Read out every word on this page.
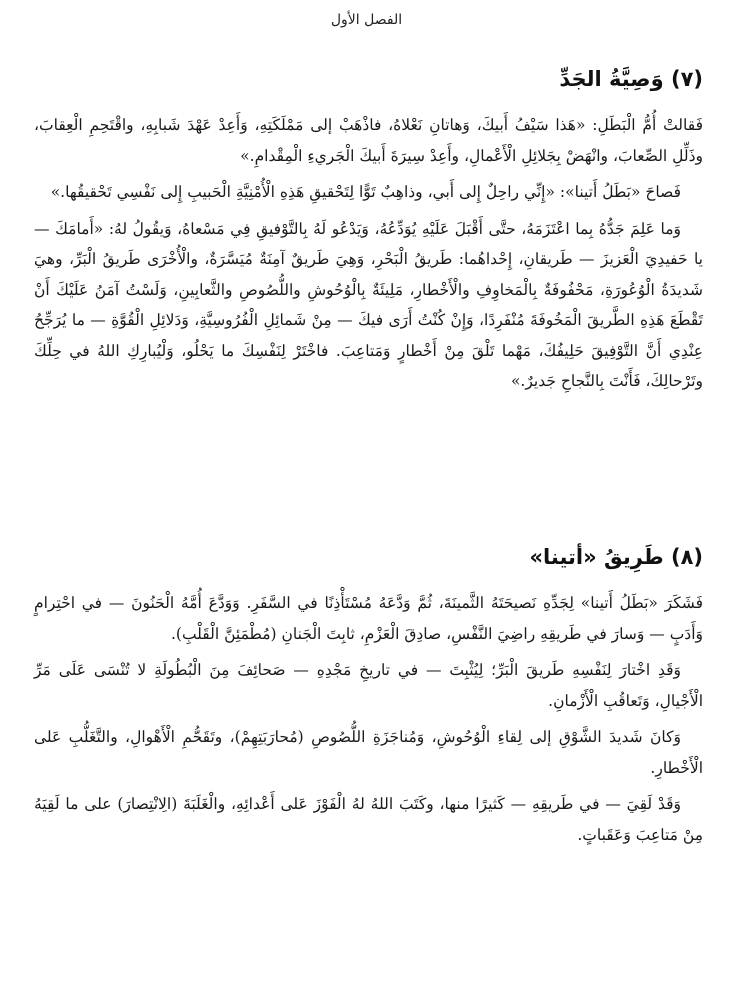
الفصل الأول
(٧) وَصِيَّةُ الجَدِّ

فَقالتْ أُمُّ الْبَطَلِ: «هَذا سَيْفُ أَبيكَ، وَهاتانِ نَعْلاهُ، فاذْهَبْ إلى مَمْلَكَتِهِ، وَأَعِدْ عَهْدَ شَبابِهِ، واقْتَحِمِ الْعِقابَ، وذَلِّلِ الصِّعابَ، وانْهَضْ بِجَلائِلِ الْأَعْمالِ، وأَعِدْ سِيرَةَ أَبيكَ الْجَريءِ الْمِقْدامِ.»

فَصاحَ «بَطَلُ أَتينا»: «إِنِّي راحِلٌ إِلى أَبي، وذاهِبٌ تَوًّا لِتَحْقيقِ هَذِهِ الْأُمْنِيَّةِ الْحَبيبِ إِلى نَفْسِي تَحْقيقُها.»

وَما عَلِمَ جَدُّهُ بِما اعْتَزَمَهُ، حتَّى أَقْبَلَ عَلَيْهِ يُوَدِّعُهُ، وَيَدْعُو لَهُ بِالتَّوْفيقِ فِي مَسْعاهُ، وَيقُولُ لهُ: «أَمامَكَ — يا حَفيدِيَ الْعَزيزَ — طَريقانِ، إِحْداهُما: طَريقُ الْبَحْرِ، وَهِيَ طَريقٌ آمِنَةٌ مُيَسَّرَةٌ، والْأُخْرَى طَريقُ الْبَرِّ، وهيَ شَديدَةُ الْوُعُورَةِ، مَحْفُوفَةٌ بِالْمَخاوِفِ والْأَخْطارِ، مَلِيئَةٌ بِالْوُحُوشِ واللُّصُوصِ والثَّعابِينِ، وَلَسْتُ آمَنُ عَلَيْكَ أَنْ تَقْطَعَ هَذِهِ الطَّريقَ الْمَخُوفَةَ مُنْفَرِدًا، وَإِنْ كُنْتُ أَرَى فيكَ — مِنْ شَمائِلِ الْفُرُوسِيَّةِ، وَدَلائِلِ الْقُوَّةِ — ما يُرَجِّحُ عِنْدِي أَنَّ التَّوْفِيقَ حَلِيفُكَ، مَهْما تَلْقَ مِنْ أَخْطارٍ وَمَتاعِبَ. فاخْتَرْ لِنَفْسِكَ ما يَحْلُو، وَلْيُبارِكِ اللهُ في حِلِّكَ وتَرْحالِكَ، فَأَنْتَ بِالنَّجاحِ جَديرٌ.»

(٨) طَرِيقُ «أتينا»

فَشَكَرَ «بَطَلُ أَتينا» لِجَدِّهِ نَصيحَتَهُ الثَّمينَةَ، ثُمَّ وَدَّعَهُ مُسْتَأْذِنًا في السَّفَرِ. وَوَدَّعَ أُمَّهُ الْحَنُونَ — في احْتِرامٍ وَأَدَبٍ — وَسارَ في طَريقِهِ راضِيَ النَّفْسِ، صادِقَ الْعَزْمِ، ثابِتَ الْجَنانِ (مُطْمَئِنَّ الْقَلْبِ).

وَقَدِ اخْتارَ لِنَفْسِهِ طَريقَ الْبَرِّ؛ لِيُثْبِتَ — في تاريخِ مَجْدِهِ — صَحائِفَ مِنَ الْبُطُولَةِ لا تُنْسَى عَلَى مَرِّ الْأَجْيالِ، وَتَعاقُبِ الْأَزْمانِ.

وَكانَ شَديدَ الشَّوْقِ إلى لِقاءِ الْوُحُوشِ، وَمُناجَزَةِ اللُّصُوصِ (مُحارَبَتِهِمْ)، وتَقَحُّمِ الْأَهْوالِ، والتَّغَلُّبِ عَلى الْأَخْطارِ.

وَقَدْ لَقِيَ — في طَريقِهِ — كَثيرًا منها، وكَتَبَ اللهُ لهُ الْفَوْزَ عَلى أَعْدائِهِ، والْغَلَبَةَ (الِانْتِصارَ) على ما لَقِيَهُ مِنْ مَتاعِبَ وَعَقَباتٍ.
